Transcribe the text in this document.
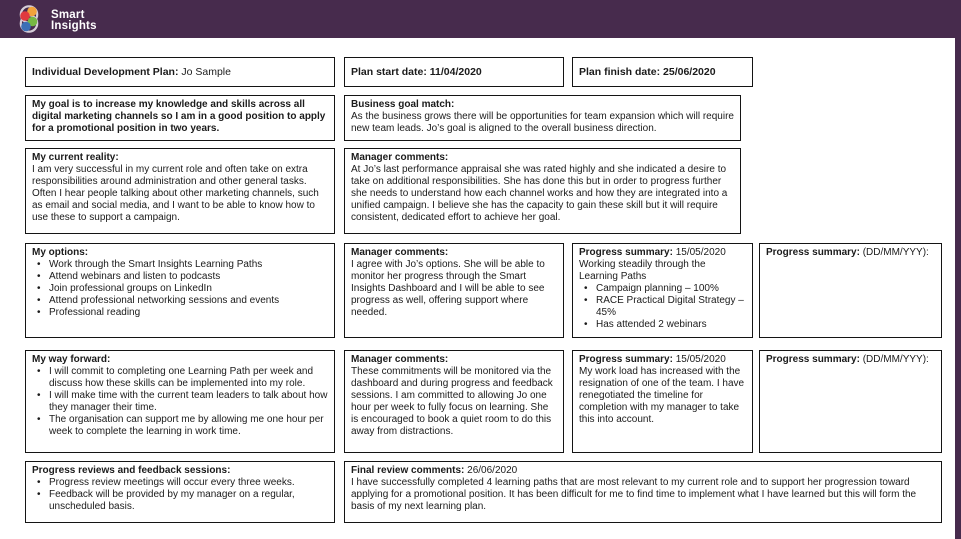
Smart
Insights

Individual Development Plan: Jo Sample	Plan start date: 11/04/2020	Plan finish date: 25/06/2020

My goal is to increase my knowledge and skills across all digital marketing channels so I am in a good position to apply for a promotional position in two years.

Business goal match:

As the business grows there will be opportunities for team expansion which will require new team leads. Jo’s goal is aligned to the overall business direction.

My current reality:

I am very successful in my current role and often take on extra responsibilities around administration and other general tasks. Often I hear people talking about other marketing channels, such as email and social media, and I want to be able to know how to use these to support a campaign.

Manager comments:

At Jo’s last performance appraisal she was rated highly and she indicated a desire to take on additional responsibilities. She has done this but in order to progress further she needs to understand how each channel works and how they are integrated into a unified campaign. I believe she has the capacity to gain these skill but it will require consistent, dedicated effort to achieve her goal.

My options:

• Work through the Smart Insights Learning Paths
• Attend webinars and listen to podcasts
• Join professional groups on LinkedIn
• Attend professional networking sessions and events
• Professional reading

Manager comments:

I agree with Jo’s options. She will be able to monitor her progress through the Smart Insights Dashboard and I will be able to see progress as well, offering support where needed.

Progress summary: 15/05/2020

Working steadily through the Learning Paths

• Campaign planning – 100%
• RACE Practical Digital Strategy – 45%
• Has attended 2 webinars

Progress summary: (DD/MM/YYY):

My way forward:

• I will commit to completing one Learning Path per week and discuss how these skills can be implemented into my role.
• I will make time with the current team leaders to talk about how they manager their time.
• The organisation can support me by allowing me one hour per week to complete the learning in work time.

Manager comments:

These commitments will be monitored via the dashboard and during progress and feedback sessions. I am committed to allowing Jo one hour per week to fully focus on learning. She is encouraged to book a quiet room to do this away from distractions.

Progress summary: 15/05/2020

My work load has increased with the resignation of one of the team. I have renegotiated the timeline for completion with my manager to take this into account.

Progress summary: (DD/MM/YYY):

Progress reviews and feedback sessions:

• Progress review meetings will occur every three weeks.
• Feedback will be provided by my manager on a regular, unscheduled basis.

Final review comments: 26/06/2020

I have successfully completed 4 learning paths that are most relevant to my current role and to support her progression toward applying for a promotional position. It has been difficult for me to find time to implement what I have learned but this will form the basis of my next learning plan.
